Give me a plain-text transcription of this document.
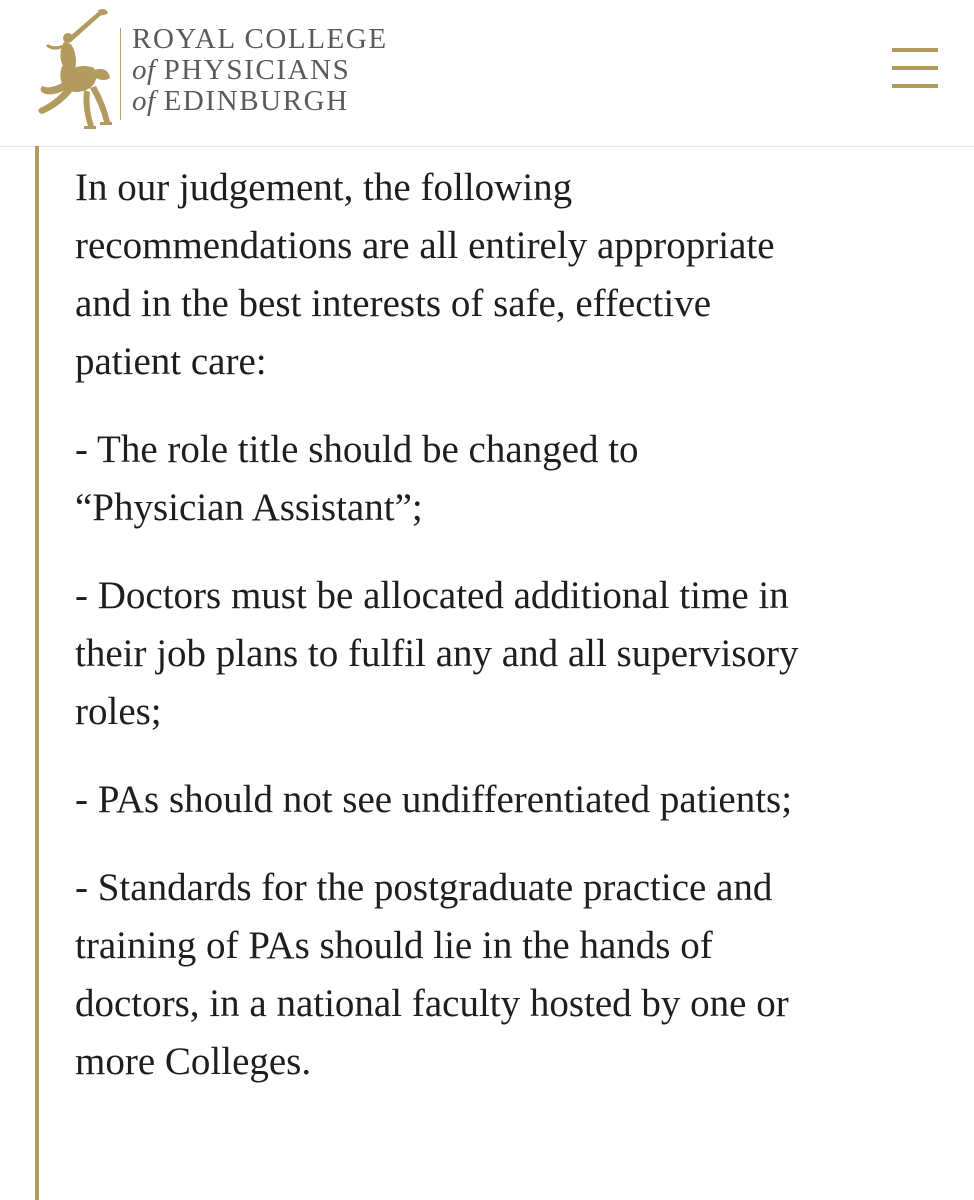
ROYAL COLLEGE
of PHYSICIANS
of EDINBURGH

In our judgement, the following
recommendations are all entirely appropriate
and in the best interests of safe, effective
patient care:

- The role title should be changed to
“Physician Assistant”;

- Doctors must be allocated additional time in
their job plans to fulfil any and all supervisory
roles;

- PAs should not see undifferentiated patients;

- Standards for the postgraduate practice and
training of PAs should lie in the hands of
doctors, in a national faculty hosted by one or
more Colleges.
